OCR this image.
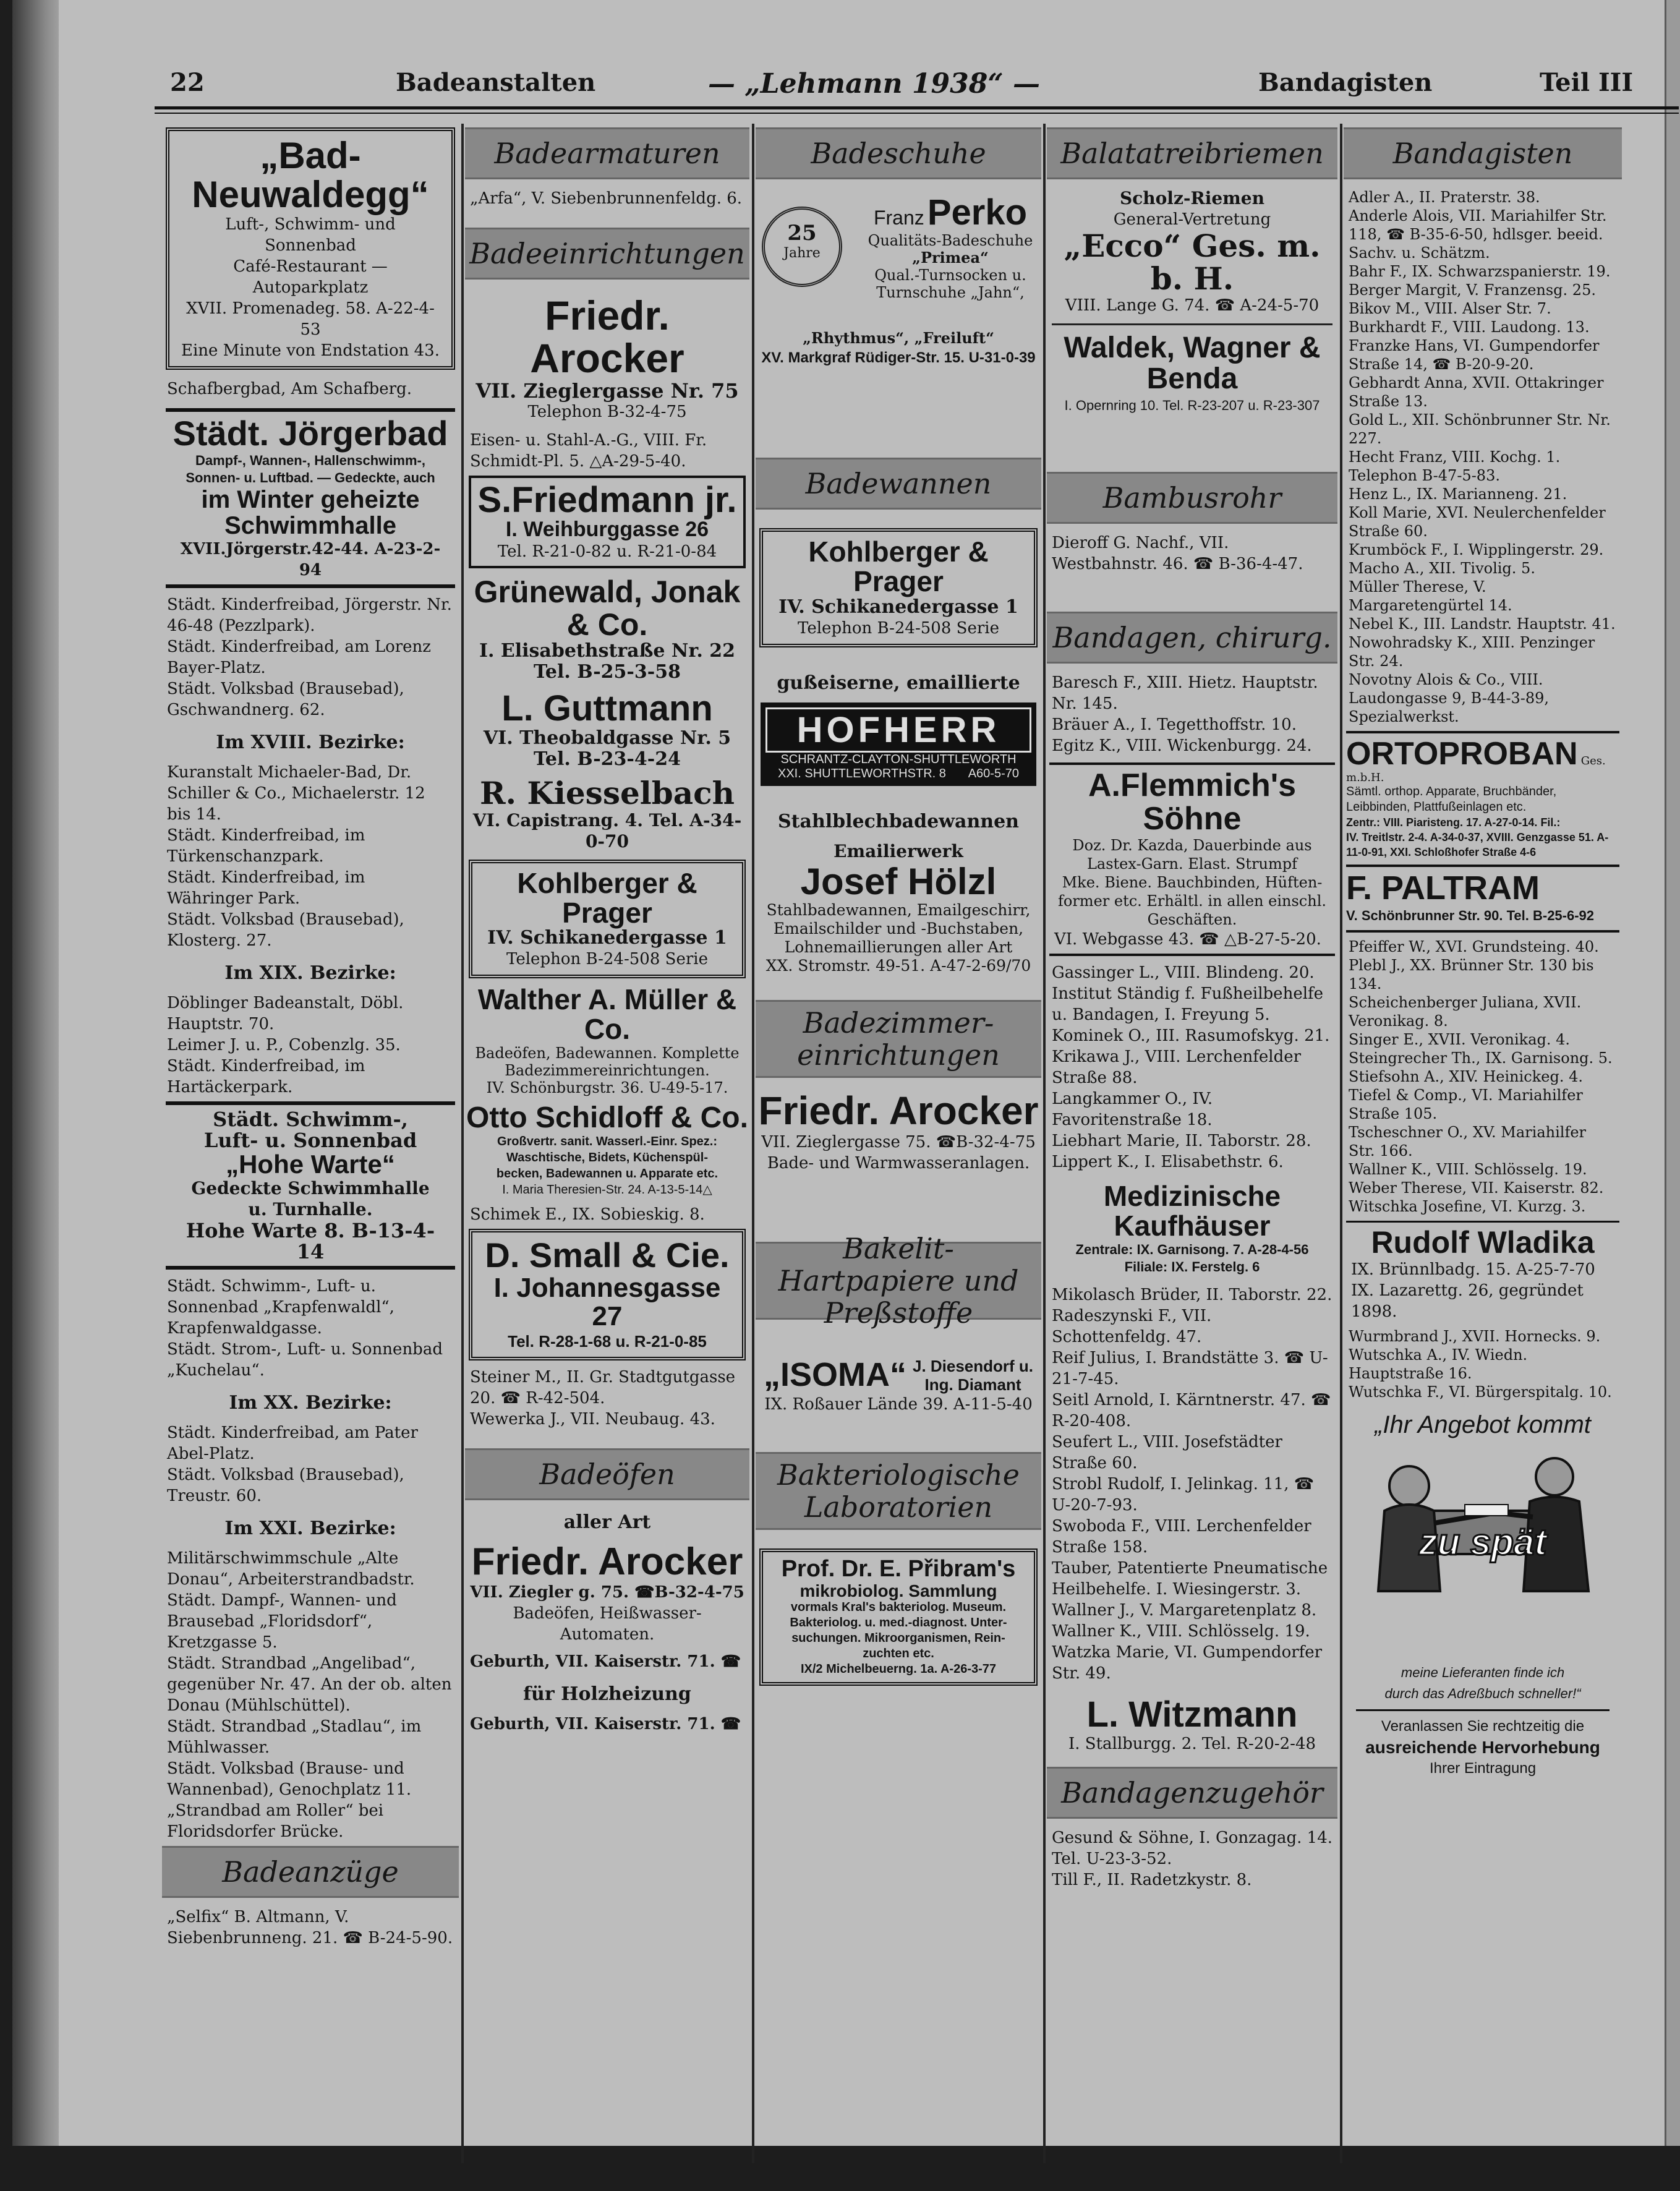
22	Badeanstalten	— „Lehmann 1938“ —	Bandagisten	Teil III
„Bad-Neuwaldegg“
Luft-, Schwimm- und Sonnenbad
Café-Restaurant — Autoparkplatz
XVII. Promenadeg. 58. A-22-4-53
Eine Minute von Endstation 43.
Schafbergbad, Am Schafberg.
Städt. Jörgerbad
Dampf-, Wannen-, Hallenschwimm-,
Sonnen- u. Luftbad. — Gedeckte, auch
im Winter geheizte Schwimmhalle
XVII.Jörgerstr.42-44. A-23-2-94
Städt. Kinderfreibad, Jörgerstr. Nr. 46-48 (Pezzlpark).
Städt. Kinderfreibad, am Lorenz Bayer-Platz.
Städt. Volksbad (Brausebad), Gschwandnerg. 62.
Im XVIII. Bezirke:
Kuranstalt Michaeler-Bad, Dr. Schiller & Co., Michaelerstr. 12 bis 14.
Städt. Kinderfreibad, im Türkenschanzpark.
Städt. Kinderfreibad, im Währinger Park.
Städt. Volksbad (Brausebad), Klosterg. 27.
Im XIX. Bezirke:
Döblinger Badeanstalt, Döbl. Hauptstr. 70.
Leimer J. u. P., Cobenzlg. 35.
Städt. Kinderfreibad, im Hartäckerpark.
Städt. Schwimm-,
Luft- u. Sonnenbad
„Hohe Warte“
Gedeckte Schwimmhalle
u. Turnhalle.
Hohe Warte 8. B-13-4-14
Städt. Schwimm-, Luft- u. Sonnenbad „Krapfenwaldl“, Krapfenwaldgasse.
Städt. Strom-, Luft- u. Sonnenbad „Kuchelau“.
Im XX. Bezirke:
Städt. Kinderfreibad, am Pater Abel-Platz.
Städt. Volksbad (Brausebad), Treustr. 60.
Im XXI. Bezirke:
Militärschwimmschule „Alte Donau“, Arbeiterstrandbadstr.
Städt. Dampf-, Wannen- und Brausebad „Floridsdorf“, Kretzgasse 5.
Städt. Strandbad „Angelibad“, gegenüber Nr. 47. An der ob. alten Donau (Mühlschüttel).
Städt. Strandbad „Stadlau“, im Mühlwasser.
Städt. Volksbad (Brause- und Wannenbad), Genochplatz 11.
„Strandbad am Roller“ bei Floridsdorfer Brücke.
Badeanzüge
„Selfix“ B. Altmann, V. Siebenbrunneng. 21. ☎ B-24-5-90.
Badearmaturen
„Arfa“, V. Siebenbrunnenfeldg. 6.
Badeeinrichtungen
Friedr. Arocker
VII. Zieglergasse Nr. 75
Telephon B-32-4-75
Eisen- u. Stahl-A.-G., VIII. Fr. Schmidt-Pl. 5. △A-29-5-40.
S.Friedmann jr.
I. Weihburggasse 26
Tel. R-21-0-82 u. R-21-0-84
Grünewald, Jonak & Co.
I. Elisabethstraße Nr. 22
Tel. B-25-3-58
L. Guttmann
VI. Theobaldgasse Nr. 5
Tel. B-23-4-24
R. Kiesselbach
VI. Capistrang. 4. Tel. A-34-0-70
Kohlberger & Prager
IV. Schikanedergasse 1
Telephon B-24-508 Serie
Walther A. Müller & Co.
Badeöfen, Badewannen. Komplette
Badezimmereinrichtungen.
IV. Schönburgstr. 36. U-49-5-17.
Otto Schidloff & Co.
Großvertr. sanit. Wasserl.-Einr. Spez.:
Waschtische, Bidets, Küchenspül-
becken, Badewannen u. Apparate etc.
I. Maria Theresien-Str. 24. A-13-5-14△
Schimek E., IX. Sobieskig. 8.
D. Small & Cie.
I. Johannesgasse 27
Tel. R-28-1-68 u. R-21-0-85
Steiner M., II. Gr. Stadtgutgasse 20. ☎ R-42-504.
Wewerka J., VII. Neubaug. 43.
Badeöfen
aller Art
Friedr. Arocker
VII. Ziegler g. 75. ☎B-32-4-75
Badeöfen, Heißwasser-Automaten.
Geburth, VII. Kaiserstr. 71. ☎
für Holzheizung
Geburth, VII. Kaiserstr. 71. ☎
Badeschuhe
25
Jahre
Franz Perko
Qualitäts-Badeschuhe
„Primea“
Qual.-Turnsocken u.
Turnschuhe „Jahn“,
„Rhythmus“, „Freiluft“
XV. Markgraf Rüdiger-Str. 15. U-31-0-39
Badewannen
Kohlberger & Prager
IV. Schikanedergasse 1
Telephon B-24-508 Serie
gußeiserne, emaillierte
HOFHERR
SCHRANTZ-CLAYTON-SHUTTLEWORTH
XXI. SHUTTLEWORTHSTR. 8 A60-5-70
Stahlblechbadewannen
Emailierwerk
Josef Hölzl
Stahlbadewannen, Emailgeschirr,
Emailschilder und -Buchstaben,
Lohnemaillierungen aller Art
XX. Stromstr. 49-51. A-47-2-69/70
Badezimmer-einrichtungen
Friedr. Arocker
VII. Zieglergasse 75. ☎B-32-4-75
Bade- und Warmwasseranlagen.
Bakelit-Hartpapiere und Preßstoffe
„ISOMA“ J. Diesendorf u.
Ing. Diamant
IX. Roßauer Lände 39. A-11-5-40
Bakteriologische Laboratorien
Prof. Dr. E. Přibram's
mikrobiolog. Sammlung
vormals Kral's bakteriolog. Museum.
Bakteriolog. u. med.-diagnost. Unter-
suchungen. Mikroorganismen, Rein-
zuchten etc.
IX/2 Michelbeuerng. 1a. A-26-3-77
Balatatreibriemen
Scholz-Riemen
General-Vertretung
„Ecco“ Ges. m. b. H.
VIII. Lange G. 74. ☎ A-24-5-70
Waldek, Wagner & Benda
I. Opernring 10. Tel. R-23-207 u. R-23-307
Bambusrohr
Dieroff G. Nachf., VII. Westbahnstr. 46. ☎ B-36-4-47.
Bandagen, chirurg.
Baresch F., XIII. Hietz. Hauptstr. Nr. 145.
Bräuer A., I. Tegetthoffstr. 10.
Egitz K., VIII. Wickenburgg. 24.
A.Flemmich's Söhne
Doz. Dr. Kazda, Dauerbinde aus
Lastex-Garn. Elast. Strumpf
Mke. Biene. Bauchbinden, Hüften-
former etc. Erhältl. in allen einschl.
Geschäften.
VI. Webgasse 43. ☎ △B-27-5-20.
Gassinger L., VIII. Blindeng. 20.
Institut Ständig f. Fußheilbehelfe u. Bandagen, I. Freyung 5.
Kominek O., III. Rasumofskyg. 21.
Krikawa J., VIII. Lerchenfelder Straße 88.
Langkammer O., IV. Favoritenstraße 18.
Liebhart Marie, II. Taborstr. 28.
Lippert K., I. Elisabethstr. 6.
Medizinische Kaufhäuser
Zentrale: IX. Garnisong. 7. A-28-4-56
Filiale: IX. Ferstelg. 6
Mikolasch Brüder, II. Taborstr. 22.
Radeszynski F., VII. Schottenfeldg. 47.
Reif Julius, I. Brandstätte 3. ☎ U-21-7-45.
Seitl Arnold, I. Kärntnerstr. 47. ☎ R-20-408.
Seufert L., VIII. Josefstädter Straße 60.
Strobl Rudolf, I. Jelinkag. 11, ☎ U-20-7-93.
Swoboda F., VIII. Lerchenfelder Straße 158.
Tauber, Patentierte Pneumatische Heilbehelfe. I. Wiesingerstr. 3.
Wallner J., V. Margaretenplatz 8.
Wallner K., VIII. Schlösselg. 19.
Watzka Marie, VI. Gumpendorfer Str. 49.
L. Witzmann
I. Stallburgg. 2. Tel. R-20-2-48
Bandagenzugehör
Gesund & Söhne, I. Gonzagag. 14. Tel. U-23-3-52.
Till F., II. Radetzkystr. 8.
Bandagisten
Adler A., II. Praterstr. 38.
Anderle Alois, VII. Mariahilfer Str. 118, ☎ B-35-6-50, hdlsger. beeid. Sachv. u. Schätzm.
Bahr F., IX. Schwarzspanierstr. 19.
Berger Margit, V. Franzensg. 25.
Bikov M., VIII. Alser Str. 7.
Burkhardt F., VIII. Laudong. 13.
Franzke Hans, VI. Gumpendorfer Straße 14, ☎ B-20-9-20.
Gebhardt Anna, XVII. Ottakringer Straße 13.
Gold L., XII. Schönbrunner Str. Nr. 227.
Hecht Franz, VIII. Kochg. 1. Telephon B-47-5-83.
Henz L., IX. Marianneng. 21.
Koll Marie, XVI. Neulerchenfelder Straße 60.
Krumböck F., I. Wipplingerstr. 29.
Macho A., XII. Tivolig. 5.
Müller Therese, V. Margaretengürtel 14.
Nebel K., III. Landstr. Hauptstr. 41.
Nowohradsky K., XIII. Penzinger Str. 24.
Novotny Alois & Co., VIII. Laudongasse 9, B-44-3-89, Spezialwerkst.
ORTOPROBAN Ges. m.b.H.
Sämtl. orthop. Apparate, Bruchbänder,
Leibbinden, Plattfußeinlagen etc.
Zentr.: VIII. Piaristeng. 17. A-27-0-14. Fil.:
IV. Treitlstr. 2-4. A-34-0-37, XVIII. Genzgasse 51. A-11-0-91, XXI. Schloßhofer Straße 4-6
F. PALTRAM
V. Schönbrunner Str. 90. Tel. B-25-6-92
Pfeiffer W., XVI. Grundsteing. 40.
Plebl J., XX. Brünner Str. 130 bis 134.
Scheichenberger Juliana, XVII. Veronikag. 8.
Singer E., XVII. Veronikag. 4.
Steingrecher Th., IX. Garnisong. 5.
Stiefsohn A., XIV. Heinickeg. 4.
Tiefel & Comp., VI. Mariahilfer Straße 105.
Tscheschner O., XV. Mariahilfer Str. 166.
Wallner K., VIII. Schlösselg. 19.
Weber Therese, VII. Kaiserstr. 82.
Witschka Josefine, VI. Kurzg. 3.
Rudolf Wladika
IX. Brünnlbadg. 15. A-25-7-70
IX. Lazarettg. 26, gegründet 1898.
Wurmbrand J., XVII. Hornecks. 9.
Wutschka A., IV. Wiedn. Hauptstraße 16.
Wutschka F., VI. Bürgerspitalg. 10.
„Ihr Angebot kommt
zu spät
meine Lieferanten finde ich
durch das Adreßbuch schneller!“
Veranlassen Sie rechtzeitig die
ausreichende Hervorhebung
Ihrer Eintragung
